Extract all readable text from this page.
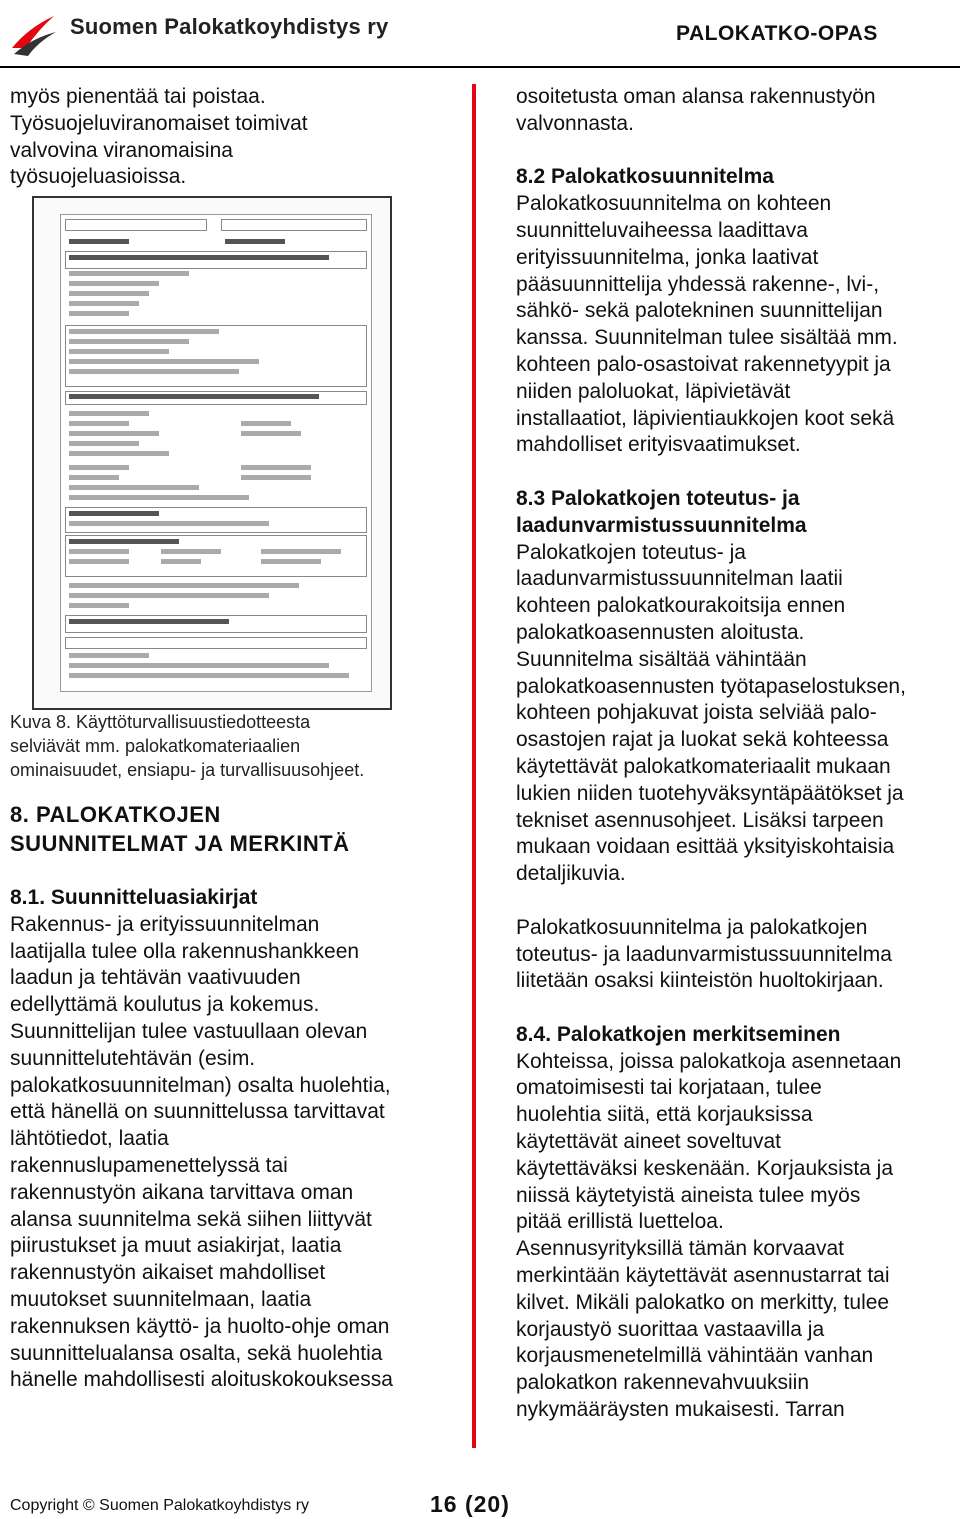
Suomen Palokatkoyhdistys ry	PALOKATKO-OPAS

myös pienentää tai poistaa.
Työsuojeluviranomaiset toimivat
valvovina viranomaisina
työsuojeluasioissa.

Kuva 8. Käyttöturvallisuustiedotteesta
selviävät mm. palokatkomateriaalien
ominaisuudet, ensiapu- ja turvallisuusohjeet.

8. PALOKATKOJEN
SUUNNITELMAT JA MERKINTÄ

8.1. Suunnitteluasiakirjat

Rakennus- ja erityissuunnitelman
laatijalla tulee olla rakennushankkeen
laadun ja tehtävän vaativuuden
edellyttämä koulutus ja kokemus.
Suunnittelijan tulee vastuullaan olevan
suunnittelutehtävän (esim.
palokatkosuunnitelman) osalta huolehtia,
että hänellä on suunnittelussa tarvittavat
lähtötiedot, laatia
rakennuslupamenettelyssä tai
rakennustyön aikana tarvittava oman
alansa suunnitelma sekä siihen liittyvät
piirustukset ja muut asiakirjat, laatia
rakennustyön aikaiset mahdolliset
muutokset suunnitelmaan, laatia
rakennuksen käyttö- ja huolto-ohje oman
suunnittelualansa osalta, sekä huolehtia
hänelle mahdollisesti aloituskokouksessa

osoitetusta oman alansa rakennustyön
valvonnasta.

8.2 Palokatkosuunnitelma

Palokatkosuunnitelma on kohteen
suunnitteluvaiheessa laadittava
erityissuunnitelma, jonka laativat
pääsuunnittelija yhdessä rakenne-, lvi-,
sähkö- sekä palotekninen suunnittelijan
kanssa. Suunnitelman tulee sisältää mm.
kohteen palo-osastoivat rakennetyypit ja
niiden paloluokat, läpivietävät
installaatiot, läpivientiaukkojen koot sekä
mahdolliset erityisvaatimukset.

8.3 Palokatkojen toteutus- ja
laadunvarmistussuunnitelma

Palokatkojen toteutus- ja
laadunvarmistussuunnitelman laatii
kohteen palokatkourakoitsija ennen
palokatkoasennusten aloitusta.
Suunnitelma sisältää vähintään
palokatkoasennusten työtapaselostuksen,
kohteen pohjakuvat joista selviää palo-
osastojen rajat ja luokat sekä kohteessa
käytettävät palokatkomateriaalit mukaan
lukien niiden tuotehyväksyntäpäätökset ja
tekniset asennusohjeet. Lisäksi tarpeen
mukaan voidaan esittää yksityiskohtaisia
detaljikuvia.

Palokatkosuunnitelma ja palokatkojen
toteutus- ja laadunvarmistussuunnitelma
liitetään osaksi kiinteistön huoltokirjaan.

8.4. Palokatkojen merkitseminen

Kohteissa, joissa palokatkoja asennetaan
omatoimisesti tai korjataan, tulee
huolehtia siitä, että korjauksissa
käytettävät aineet soveltuvat
käytettäväksi keskenään. Korjauksista ja
niissä käytetyistä aineista tulee myös
pitää erillistä luetteloa.
Asennusyrityksillä tämän korvaavat
merkintään käytettävät asennustarrat tai
kilvet. Mikäli palokatko on merkitty, tulee
korjaustyö suorittaa vastaavilla ja
korjausmenetelmillä vähintään vanhan
palokatkon rakennevahvuuksiin
nykymääräysten mukaisesti. Tarran

Copyright © Suomen Palokatkoyhdistys ry	16 (20)
